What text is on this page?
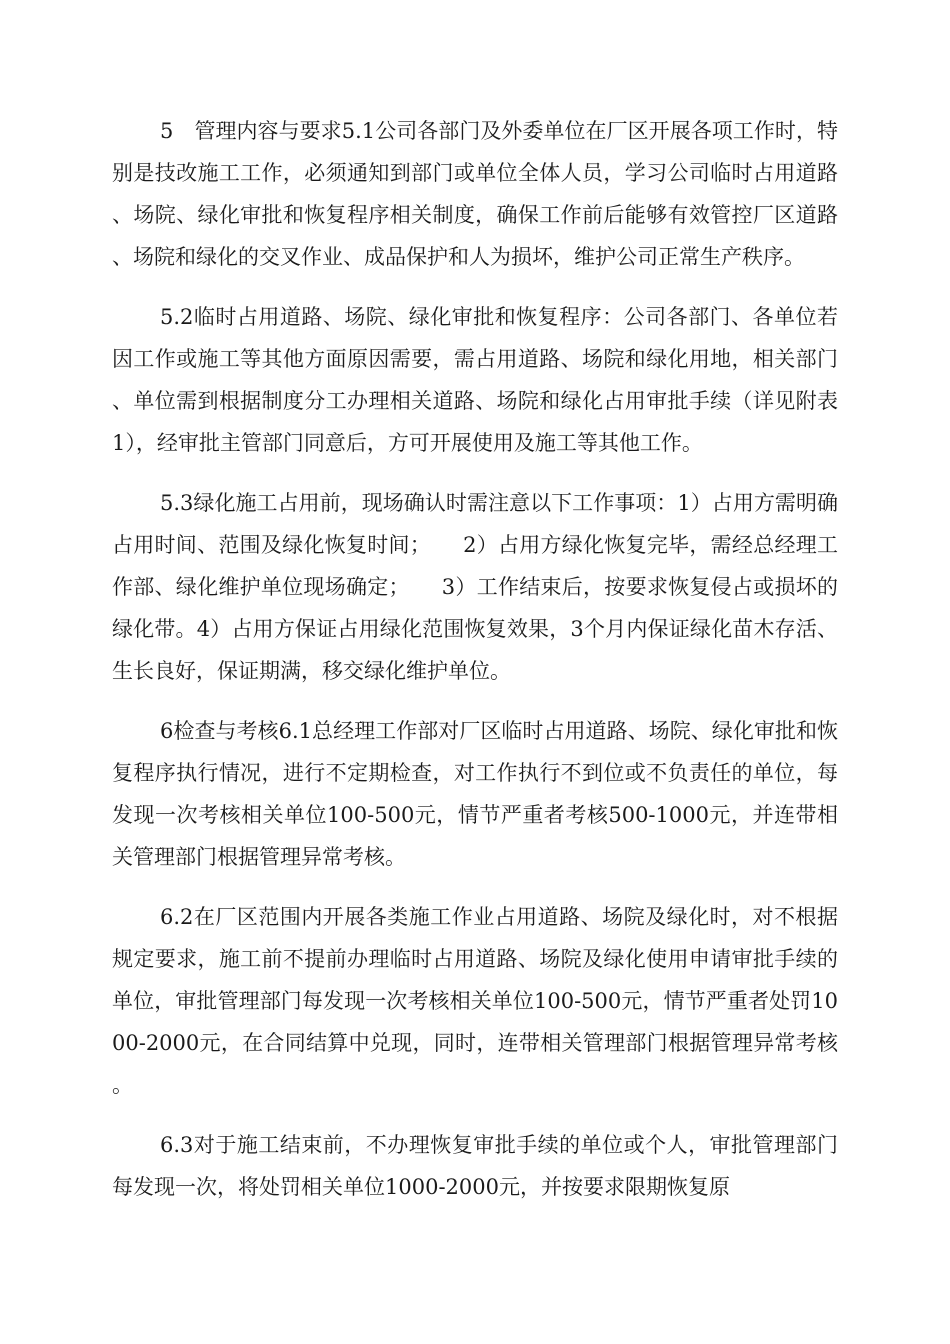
5　管理内容与要求5.1公司各部门及外委单位在厂区开展各项工作时，特别是技改施工工作，必须通知到部门或单位全体人员，学习公司临时占用道路、场院、绿化审批和恢复程序相关制度，确保工作前后能够有效管控厂区道路、场院和绿化的交叉作业、成品保护和人为损坏，维护公司正常生产秩序。

5.2临时占用道路、场院、绿化审批和恢复程序：公司各部门、各单位若因工作或施工等其他方面原因需要，需占用道路、场院和绿化用地，相关部门、单位需到根据制度分工办理相关道路、场院和绿化占用审批手续（详见附表1），经审批主管部门同意后，方可开展使用及施工等其他工作。

5.3绿化施工占用前，现场确认时需注意以下工作事项：1）占用方需明确占用时间、范围及绿化恢复时间；　　2）占用方绿化恢复完毕，需经总经理工作部、绿化维护单位现场确定；　　3）工作结束后，按要求恢复侵占或损坏的绿化带。4）占用方保证占用绿化范围恢复效果，3个月内保证绿化苗木存活、生长良好，保证期满，移交绿化维护单位。

6检查与考核6.1总经理工作部对厂区临时占用道路、场院、绿化审批和恢复程序执行情况，进行不定期检查，对工作执行不到位或不负责任的单位，每发现一次考核相关单位100-500元，情节严重者考核500-1000元，并连带相关管理部门根据管理异常考核。

6.2在厂区范围内开展各类施工作业占用道路、场院及绿化时，对不根据规定要求，施工前不提前办理临时占用道路、场院及绿化使用申请审批手续的单位，审批管理部门每发现一次考核相关单位100-500元，情节严重者处罚1000-2000元，在合同结算中兑现，同时，连带相关管理部门根据管理异常考核。

6.3对于施工结束前，不办理恢复审批手续的单位或个人，审批管理部门每发现一次，将处罚相关单位1000-2000元，并按要求限期恢复原
